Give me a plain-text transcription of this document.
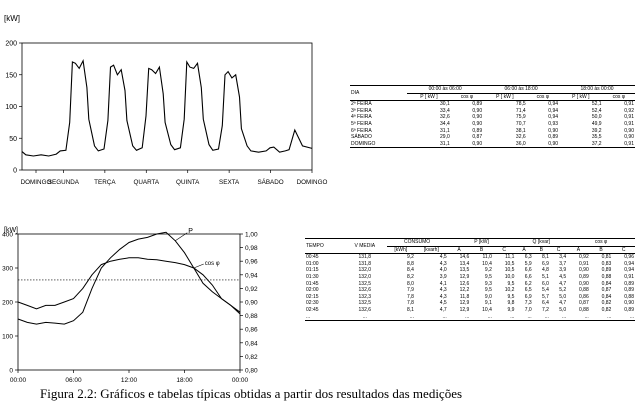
[kW]
0
50
100
150
200
DOMINGO
SEGUNDA TERÇA	QUARTA	QUINTA	SEXTA	SÁBADO DOMINGO
DIA	00:00 às 06:00		06:00 às 18:00		18:00 às 00:00	
	P [ kW ]	cos φ	P [ kW ]	cos φ	P [ kW ]	cos φ
2ª FEIRA	30,1	0,89	78,5	0,94	52,1	0,91
3ª FEIRA	33,4	0,90	71,4	0,94	52,4	0,92
4ª FEIRA	32,6	0,90	75,9	0,94	50,0	0,91
5ª FEIRA	34,4	0,90	70,7	0,93	49,9	0,91
6ª FEIRA	31,1	0,89	38,1	0,90	39,2	0,90
SÁBADO	29,0	0,87	32,6	0,89	35,5	0,90
DOMINGO	31,1	0,90	36,0	0,90	37,2	0,91
[kW]
0
100
200
300
400
0,80
0,82
0,84
0,86
0,88
0,90
0,92
0,94
0,96
0,98
1,00
00:00	06:00	12:00	18:00	00:00
P
cos φ
TEMPO	V MEDIA	CONSUMO		P [kW]			Q [kvar]			cos φ		
		[kWh]	[kvarh]	A	B	C	A	B	C	A	B	C
00:45	131,8	9,2	4,5	14,6	11,0	11,1	6,3	8,1	3,4	0,92	0,81	0,96
01:00	131,8	8,8	4,3	13,4	10,4	10,5	5,9	6,9	3,7	0,91	0,83	0,94
01:15	132,0	8,4	4,0	13,5	9,2	10,5	6,6	4,8	3,9	0,90	0,89	0,94
01:30	132,0	8,2	3,9	12,9	9,5	10,0	6,6	5,1	4,5	0,89	0,88	0,91
01:45	132,5	8,0	4,1	12,6	9,3	9,5	6,2	6,0	4,7	0,90	0,84	0,89
02:00	132,6	7,9	4,3	12,2	9,5	10,2	6,5	5,4	5,2	0,88	0,87	0,89
02:15	132,3	7,8	4,3	11,8	9,0	9,5	6,9	5,7	5,0	0,86	0,84	0,88
02:30	132,5	7,8	4,5	12,9	9,1	9,8	7,3	6,4	4,7	0,87	0,82	0,90
02:45	132,6	8,1	4,7	12,9	10,4	9,9	7,0	7,2	5,0	0,88	0,82	0,89
...	...	...	...	...	...	...	...	...	...	...	...	...
Figura 2.2: Gráficos e tabelas típicas obtidas a partir dos resultados das medições
